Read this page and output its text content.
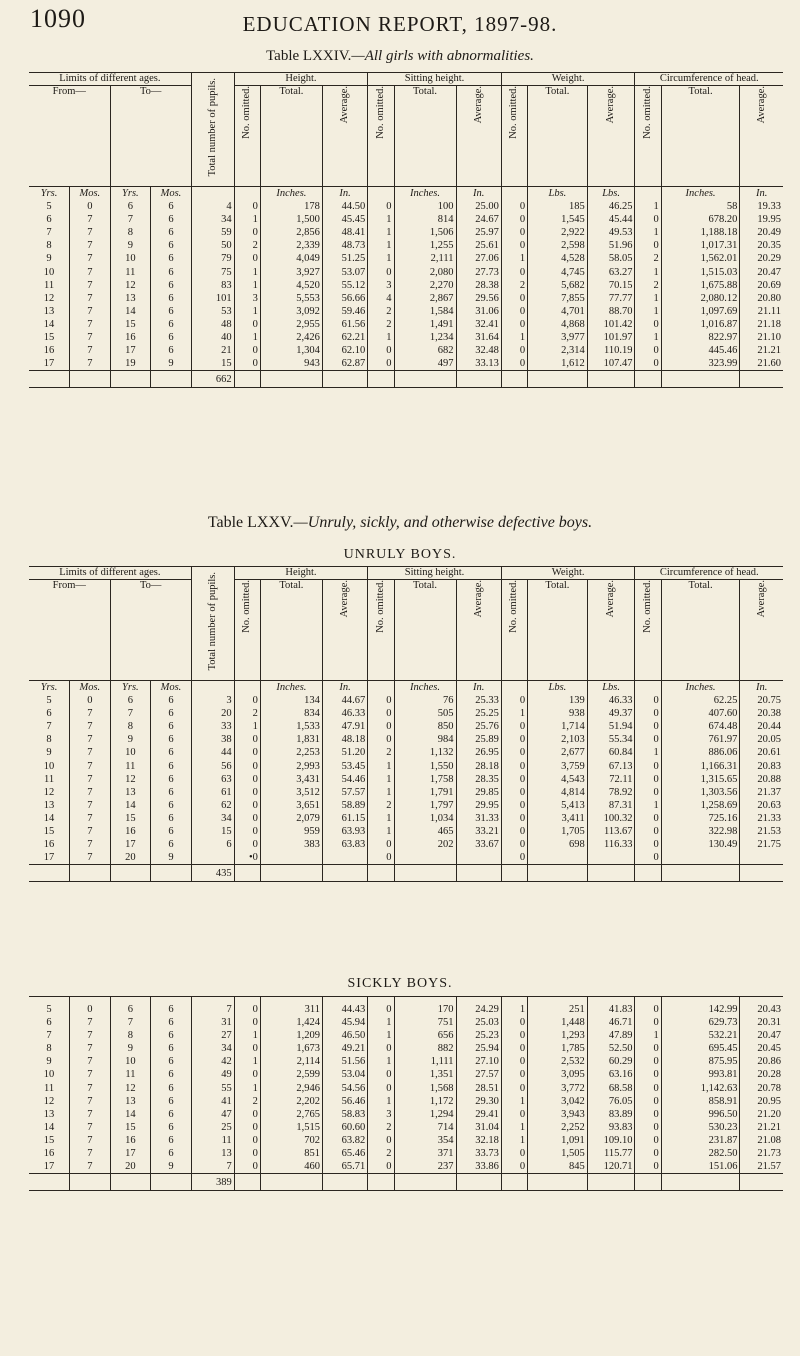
1090	EDUCATION REPORT, 1897-98.
Table LXXIV.—All girls with abnormalities.
Limits of different ages.				Total number of pupils.	Height.			Sitting height.			Weight.			Circumference of head.		
From—		To—			No. omitted.	Total.	Average.	No. omitted.	Total.	Average.	No. omitted.	Total.	Average.	No. omitted.	Total.	Average.
Yrs.	Mos.	Yrs.	Mos.			Inches.	In.		Inches.	In.		Lbs.	Lbs.		Inches.	In.
5	0	6	6	4	0	178	44.50	0	100	25.00	0	185	46.25	1	58	19.33
6	7	7	6	34	1	1,500	45.45	1	814	24.67	0	1,545	45.44	0	678.20	19.95
7	7	8	6	59	0	2,856	48.41	1	1,506	25.97	0	2,922	49.53	1	1,188.18	20.49
8	7	9	6	50	2	2,339	48.73	1	1,255	25.61	0	2,598	51.96	0	1,017.31	20.35
9	7	10	6	79	0	4,049	51.25	1	2,111	27.06	1	4,528	58.05	2	1,562.01	20.29
10	7	11	6	75	1	3,927	53.07	0	2,080	27.73	0	4,745	63.27	1	1,515.03	20.47
11	7	12	6	83	1	4,520	55.12	3	2,270	28.38	2	5,682	70.15	2	1,675.88	20.69
12	7	13	6	101	3	5,553	56.66	4	2,867	29.56	0	7,855	77.77	1	2,080.12	20.80
13	7	14	6	53	1	3,092	59.46	2	1,584	31.06	0	4,701	88.70	1	1,097.69	21.11
14	7	15	6	48	0	2,955	61.56	2	1,491	32.41	0	4,868	101.42	0	1,016.87	21.18
15	7	16	6	40	1	2,426	62.21	1	1,234	31.64	1	3,977	101.97	1	822.97	21.10
16	7	17	6	21	0	1,304	62.10	0	682	32.48	0	2,314	110.19	0	445.46	21.21
17	7	19	9	15	0	943	62.87	0	497	33.13	0	1,612	107.47	0	323.99	21.60
				662												
Table LXXV.—Unruly, sickly, and otherwise defective boys.
UNRULY BOYS.
Limits of different ages.				Total number of pupils.	Height.			Sitting height.			Weight.			Circumference of head.		
From—		To—			No. omitted.	Total.	Average.	No. omitted.	Total.	Average.	No. omitted.	Total.	Average.	No. omitted.	Total.	Average.
Yrs.	Mos.	Yrs.	Mos.			Inches.	In.		Inches.	In.		Lbs.	Lbs.		Inches.	In.
5	0	6	6	3	0	134	44.67	0	76	25.33	0	139	46.33	0	62.25	20.75
6	7	7	6	20	2	834	46.33	0	505	25.25	1	938	49.37	0	407.60	20.38
7	7	8	6	33	1	1,533	47.91	0	850	25.76	0	1,714	51.94	0	674.48	20.44
8	7	9	6	38	0	1,831	48.18	0	984	25.89	0	2,103	55.34	0	761.97	20.05
9	7	10	6	44	0	2,253	51.20	2	1,132	26.95	0	2,677	60.84	1	886.06	20.61
10	7	11	6	56	0	2,993	53.45	1	1,550	28.18	0	3,759	67.13	0	1,166.31	20.83
11	7	12	6	63	0	3,431	54.46	1	1,758	28.35	0	4,543	72.11	0	1,315.65	20.88
12	7	13	6	61	0	3,512	57.57	1	1,791	29.85	0	4,814	78.92	0	1,303.56	21.37
13	7	14	6	62	0	3,651	58.89	2	1,797	29.95	0	5,413	87.31	1	1,258.69	20.63
14	7	15	6	34	0	2,079	61.15	1	1,034	31.33	0	3,411	100.32	0	725.16	21.33
15	7	16	6	15	0	959	63.93	1	465	33.21	0	1,705	113.67	0	322.98	21.53
16	7	17	6	6	0	383	63.83	0	202	33.67	0	698	116.33	0	130.49	21.75
17	7	20	9		•0			0			0			0		
				435												
SICKLY BOYS.

5	0	6	6	7	0	311	44.43	0	170	24.29	1	251	41.83	0	142.99	20.43
6	7	7	6	31	0	1,424	45.94	1	751	25.03	0	1,448	46.71	0	629.73	20.31
7	7	8	6	27	1	1,209	46.50	1	656	25.23	0	1,293	47.89	1	532.21	20.47
8	7	9	6	34	0	1,673	49.21	0	882	25.94	0	1,785	52.50	0	695.45	20.45
9	7	10	6	42	1	2,114	51.56	1	1,111	27.10	0	2,532	60.29	0	875.95	20.86
10	7	11	6	49	0	2,599	53.04	0	1,351	27.57	0	3,095	63.16	0	993.81	20.28
11	7	12	6	55	1	2,946	54.56	0	1,568	28.51	0	3,772	68.58	0	1,142.63	20.78
12	7	13	6	41	2	2,202	56.46	1	1,172	29.30	1	3,042	76.05	0	858.91	20.95
13	7	14	6	47	0	2,765	58.83	3	1,294	29.41	0	3,943	83.89	0	996.50	21.20
14	7	15	6	25	0	1,515	60.60	2	714	31.04	1	2,252	93.83	0	530.23	21.21
15	7	16	6	11	0	702	63.82	0	354	32.18	1	1,091	109.10	0	231.87	21.08
16	7	17	6	13	0	851	65.46	2	371	33.73	0	1,505	115.77	0	282.50	21.73
17	7	20	9	7	0	460	65.71	0	237	33.86	0	845	120.71	0	151.06	21.57
				389												
